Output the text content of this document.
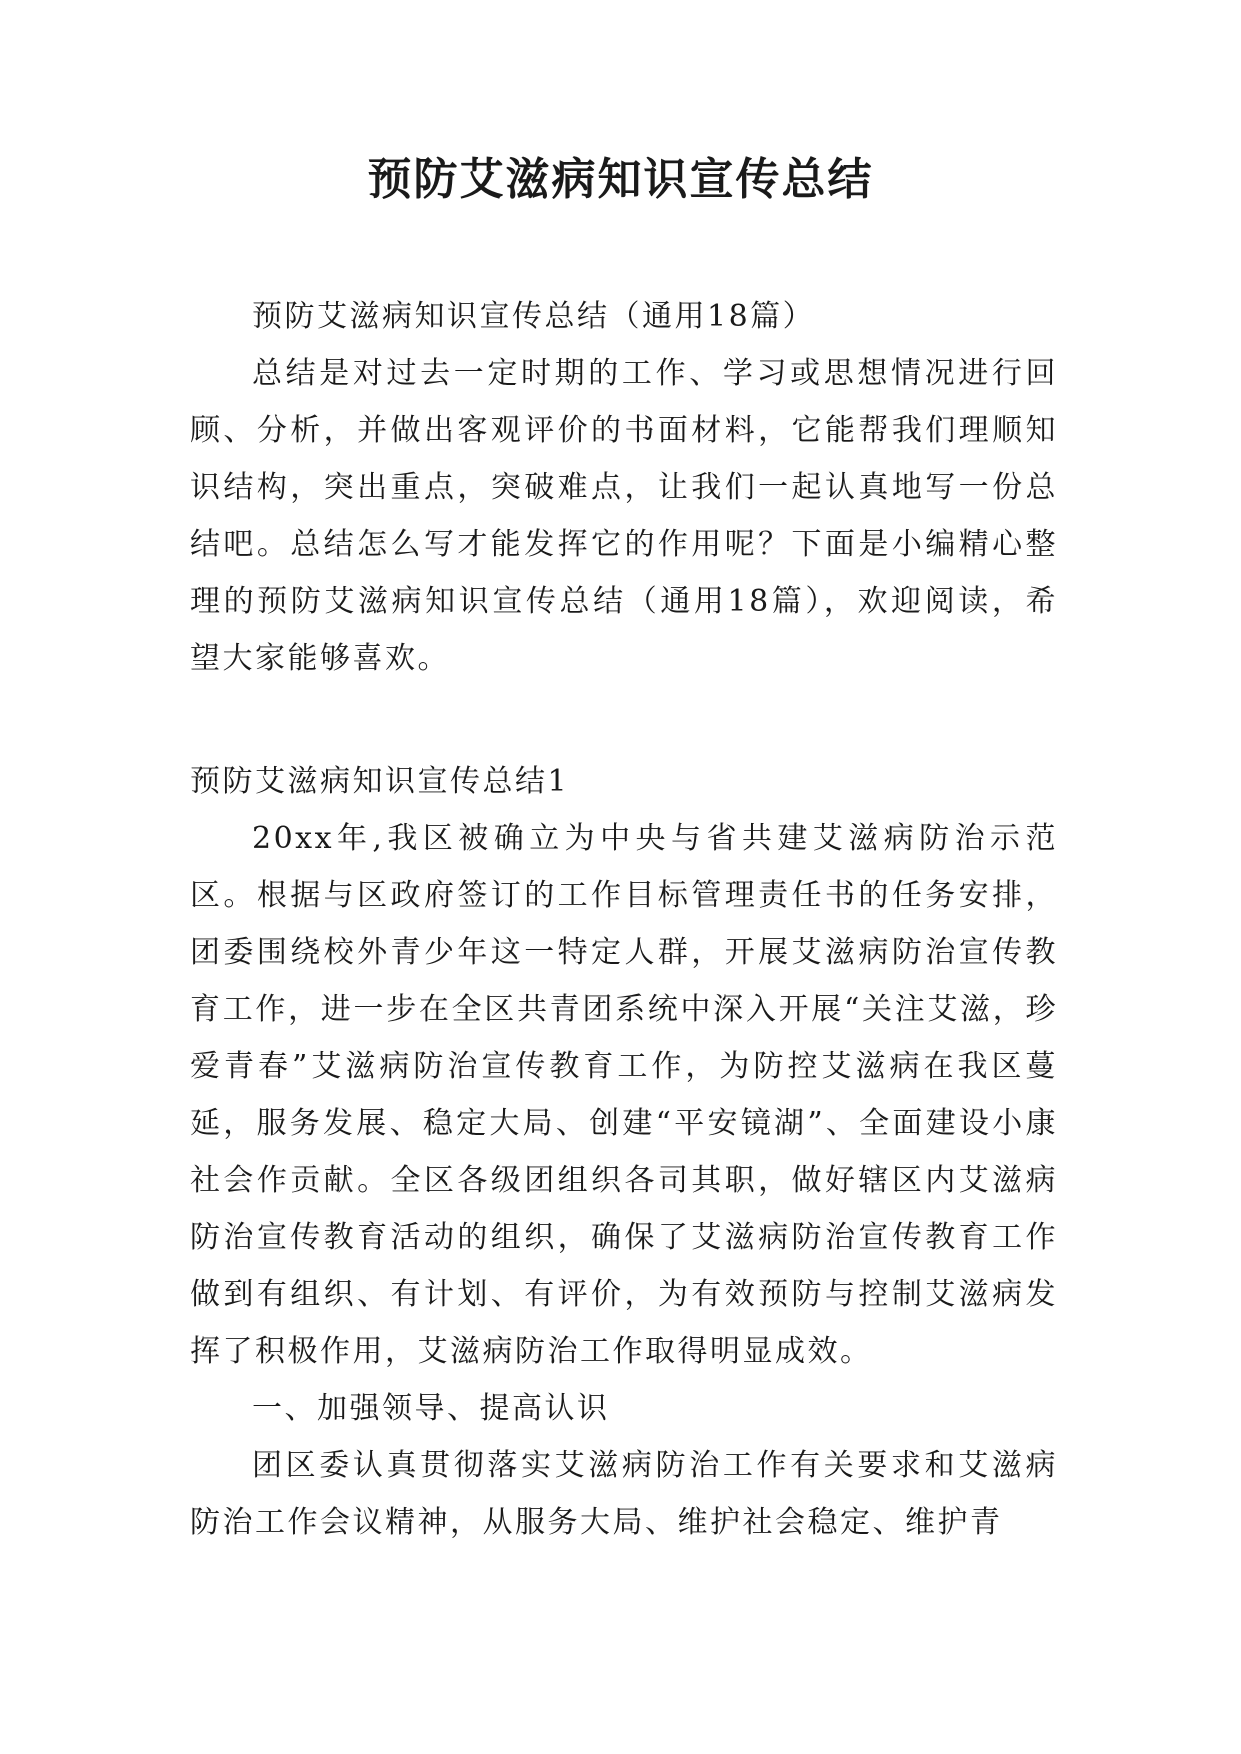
预防艾滋病知识宣传总结

预防艾滋病知识宣传总结（通用18篇）

总结是对过去一定时期的工作、学习或思想情况进行回顾、分析，并做出客观评价的书面材料，它能帮我们理顺知识结构，突出重点，突破难点，让我们一起认真地写一份总结吧。总结怎么写才能发挥它的作用呢？下面是小编精心整理的预防艾滋病知识宣传总结（通用18篇），欢迎阅读，希望大家能够喜欢。

预防艾滋病知识宣传总结1

20xx年,我区被确立为中央与省共建艾滋病防治示范区。根据与区政府签订的工作目标管理责任书的任务安排，团委围绕校外青少年这一特定人群，开展艾滋病防治宣传教育工作，进一步在全区共青团系统中深入开展“关注艾滋，珍爱青春”艾滋病防治宣传教育工作，为防控艾滋病在我区蔓延，服务发展、稳定大局、创建“平安镜湖”、全面建设小康社会作贡献。全区各级团组织各司其职，做好辖区内艾滋病防治宣传教育活动的组织，确保了艾滋病防治宣传教育工作做到有组织、有计划、有评价，为有效预防与控制艾滋病发挥了积极作用，艾滋病防治工作取得明显成效。

一、加强领导、提高认识

团区委认真贯彻落实艾滋病防治工作有关要求和艾滋病防治工作会议精神，从服务大局、维护社会稳定、维护青
